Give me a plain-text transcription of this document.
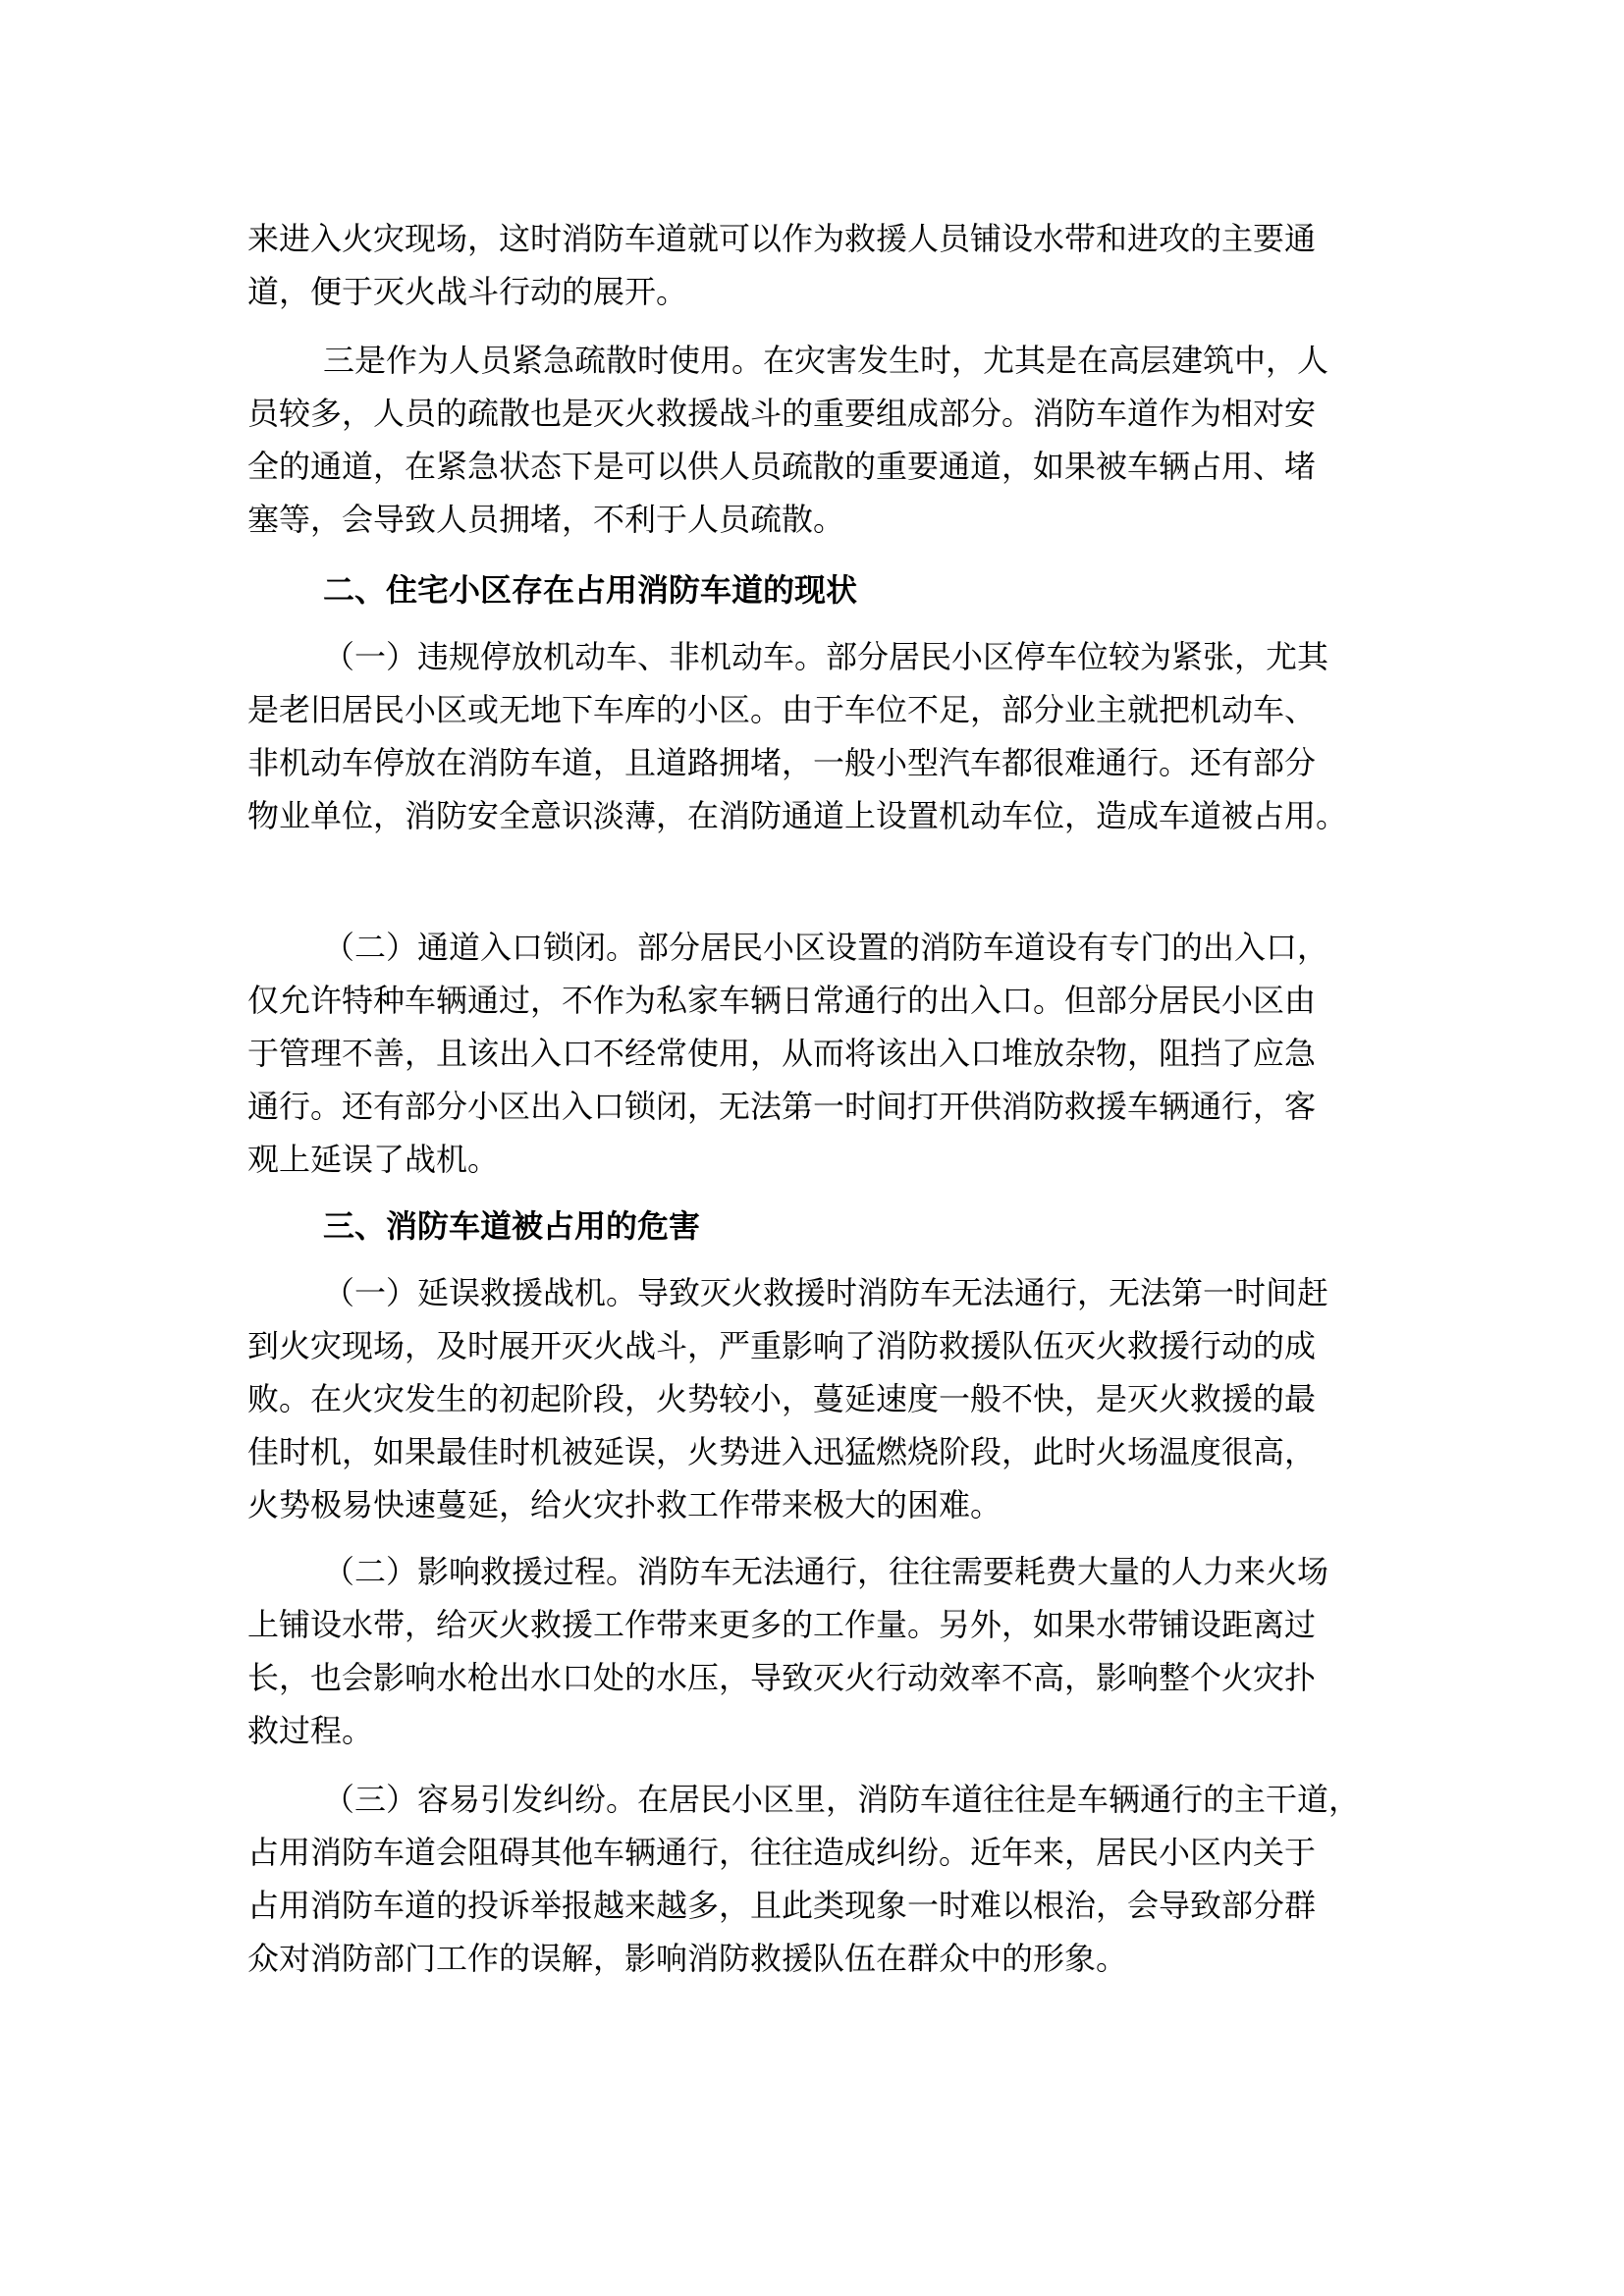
来进入火灾现场，这时消防车道就可以作为救援人员铺设水带和进攻的主要通
道，便于灭火战斗行动的展开。
三是作为人员紧急疏散时使用。在灾害发生时，尤其是在高层建筑中，人
员较多，人员的疏散也是灭火救援战斗的重要组成部分。消防车道作为相对安
全的通道，在紧急状态下是可以供人员疏散的重要通道，如果被车辆占用、堵
塞等，会导致人员拥堵，不利于人员疏散。
二、住宅小区存在占用消防车道的现状
（一）违规停放机动车、非机动车。部分居民小区停车位较为紧张，尤其
是老旧居民小区或无地下车库的小区。由于车位不足，部分业主就把机动车、
非机动车停放在消防车道，且道路拥堵，一般小型汽车都很难通行。还有部分
物业单位，消防安全意识淡薄，在消防通道上设置机动车位，造成车道被占用。
（二）通道入口锁闭。部分居民小区设置的消防车道设有专门的出入口，
仅允许特种车辆通过，不作为私家车辆日常通行的出入口。但部分居民小区由
于管理不善，且该出入口不经常使用，从而将该出入口堆放杂物，阻挡了应急
通行。还有部分小区出入口锁闭，无法第一时间打开供消防救援车辆通行，客
观上延误了战机。
三、消防车道被占用的危害
（一）延误救援战机。导致灭火救援时消防车无法通行，无法第一时间赶
到火灾现场，及时展开灭火战斗，严重影响了消防救援队伍灭火救援行动的成
败。在火灾发生的初起阶段，火势较小，蔓延速度一般不快，是灭火救援的最
佳时机，如果最佳时机被延误，火势进入迅猛燃烧阶段，此时火场温度很高，
火势极易快速蔓延，给火灾扑救工作带来极大的困难。
（二）影响救援过程。消防车无法通行，往往需要耗费大量的人力来火场
上铺设水带，给灭火救援工作带来更多的工作量。另外，如果水带铺设距离过
长，也会影响水枪出水口处的水压，导致灭火行动效率不高，影响整个火灾扑
救过程。
（三）容易引发纠纷。在居民小区里，消防车道往往是车辆通行的主干道，
占用消防车道会阻碍其他车辆通行，往往造成纠纷。近年来，居民小区内关于
占用消防车道的投诉举报越来越多，且此类现象一时难以根治，会导致部分群
众对消防部门工作的误解，影响消防救援队伍在群众中的形象。
